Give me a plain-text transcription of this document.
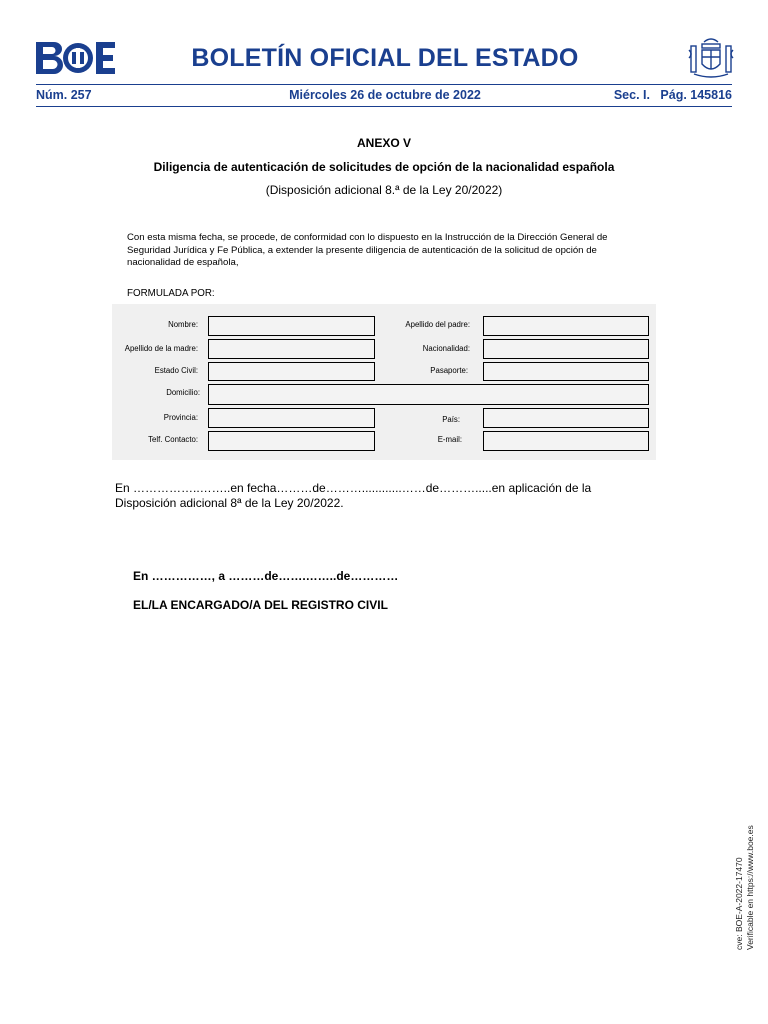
BOLETÍN OFICIAL DEL ESTADO
Núm. 257	Miércoles 26 de octubre de 2022	Sec. I. Pág. 145816
ANEXO V
Diligencia de autenticación de solicitudes de opción de la nacionalidad española
(Disposición adicional 8.ª de la Ley 20/2022)
Con esta misma fecha, se procede, de conformidad con lo dispuesto en la Instrucción de la Dirección General de Seguridad Jurídica y Fe Pública, a extender la presente diligencia de autenticación de la solicitud de opción de nacionalidad de española,
FORMULADA POR:
Nombre:	Apellido del padre:
Apellido de la madre:	Nacionalidad:
Estado Civil:	Pasaporte:
Domicilio:
Provincia:	País:
Telf. Contacto:	E-mail:
En ……………..……..en fecha………de………............……de……….....en aplicación de la Disposición adicional 8ª de la Ley 20/2022.
En ……………, a ………de…….……..de…………
EL/LA ENCARGADO/A DEL REGISTRO CIVIL
cve: BOE-A-2022-17470 Verificable en https://www.boe.es
